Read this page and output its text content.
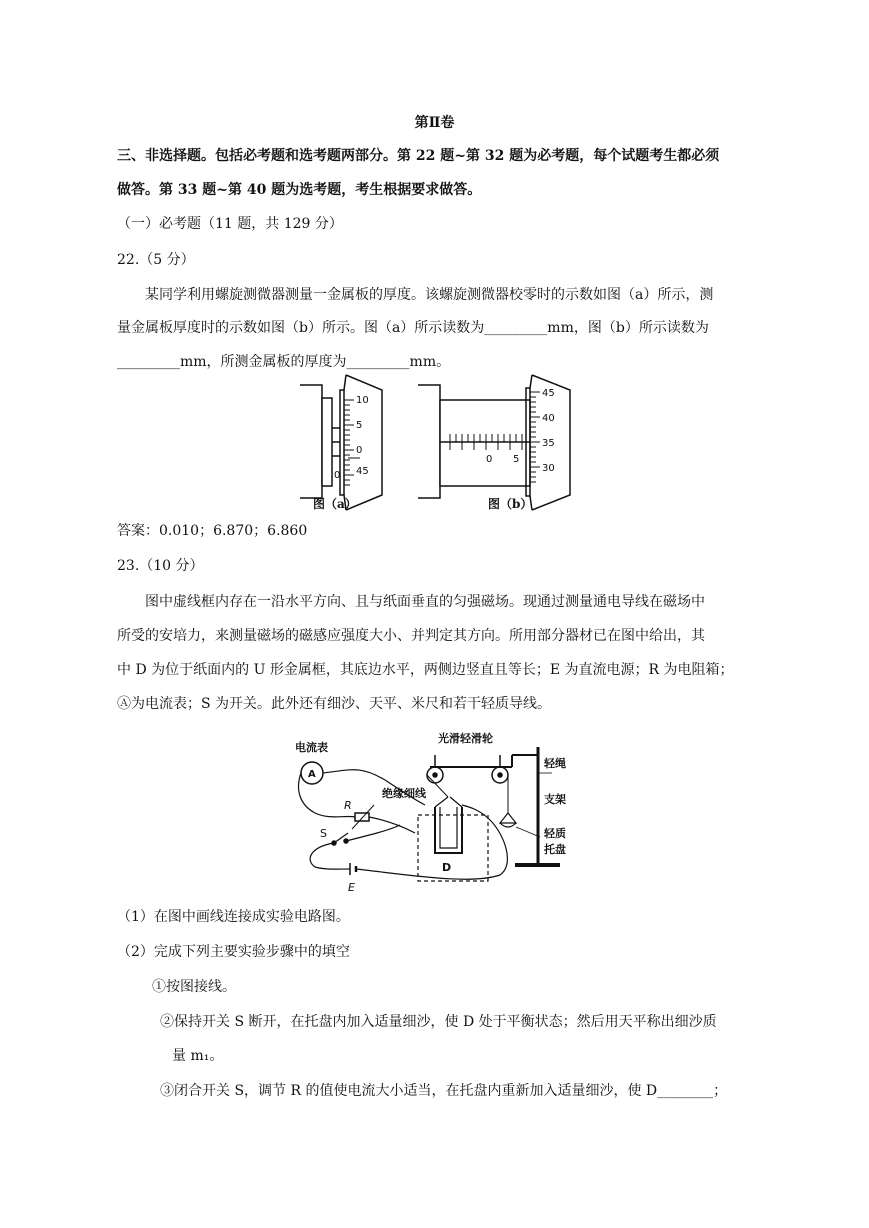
第Ⅱ卷
三、非选择题。包括必考题和选考题两部分。第 22 题~第 32 题为必考题，每个试题考生都必须
做答。第 33 题~第 40 题为选考题，考生根据要求做答。
（一）必考题（11 题，共 129 分）
22.（5 分）
某同学利用螺旋测微器测量一金属板的厚度。该螺旋测微器校零时的示数如图（a）所示，测
量金属板厚度时的示数如图（b）所示。图（a）所示读数为_________mm，图（b）所示读数为
_________mm，所测金属板的厚度为_________mm。
10
5
0
45
0
45
40
35
30
0 5
图（a）	图（b）
答案：0.010；6.870；6.860
23.（10 分）
图中虚线框内存在一沿水平方向、且与纸面垂直的匀强磁场。现通过测量通电导线在磁场中
所受的安培力，来测量磁场的磁感应强度大小、并判定其方向。所用部分器材已在图中给出，其
中 D 为位于纸面内的 U 形金属框，其底边水平，两侧边竖直且等长；E 为直流电源；R 为电阻箱；
Ⓐ为电流表；S 为开关。此外还有细沙、天平、米尺和若干轻质导线。
电流表
A
光滑轻滑轮
轻绳
支架
绝缘细线
R
S
D
E
轻质
托盘
（1）在图中画线连接成实验电路图。
（2）完成下列主要实验步骤中的填空
①按图接线。
②保持开关 S 断开，在托盘内加入适量细沙，使 D 处于平衡状态；然后用天平称出细沙质
量 m₁。
③闭合开关 S，调节 R 的值使电流大小适当，在托盘内重新加入适量细沙，使 D________；
